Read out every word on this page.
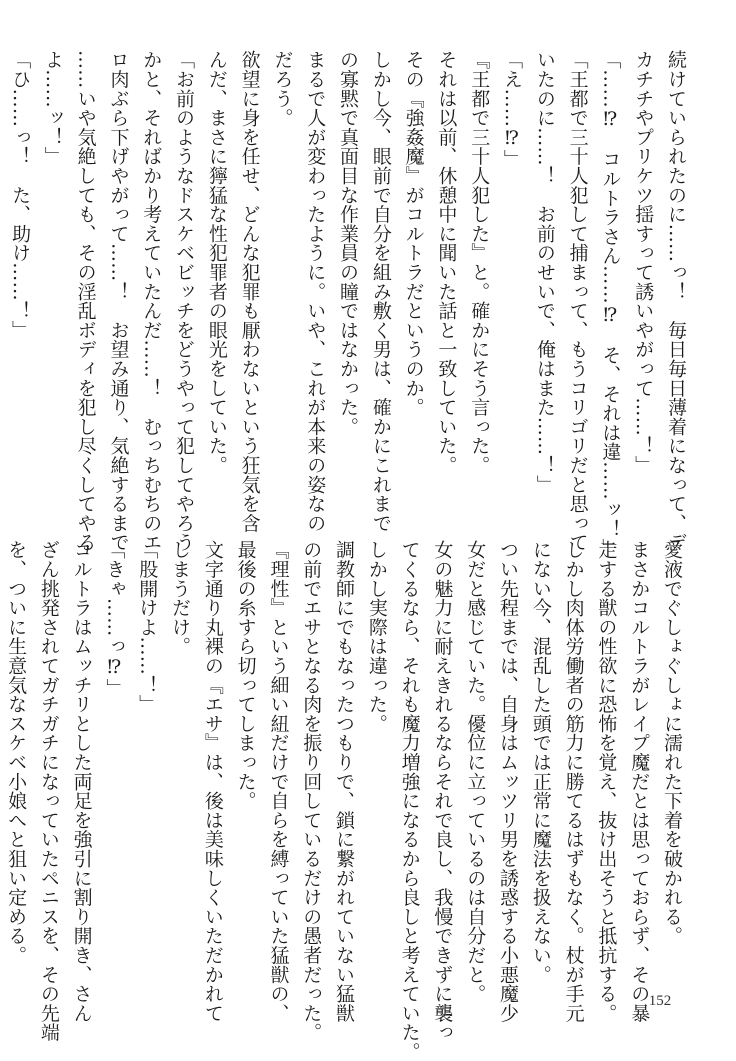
続けていられたのに……っ！　毎日毎日薄着になって、デ
カチチやプリケツ揺すって誘いやがって……！」
「……⁉　コルトラさん……⁉　そ、それは違……ッ！」
「王都で三十人犯して捕まって、もうコリゴリだと思って
いたのに……！　お前のせいで、俺はまた……！」
「え……⁉」
『王都で三十人犯した』と。確かにそう言った。
それは以前、休憩中に聞いた話と一致していた。
その『強姦魔』がコルトラだというのか。
しかし今、眼前で自分を組み敷く男は、確かにこれまで
の寡黙で真面目な作業員の瞳ではなかった。
まるで人が変わったように。いや、これが本来の姿なの
だろう。
欲望に身を任せ、どんな犯罪も厭わないという狂気を含
んだ、まさに獰猛な性犯罪者の眼光をしていた。
「お前のようなドスケベビッチをどうやって犯してやろう
かと、そればかり考えていたんだ……！　むっちむちのエ
ロ肉ぶら下げやがって……！　お望み通り、気絶するまで
……いや気絶しても、その淫乱ボディを犯し尽くしてやる
よ……ッ！」
「ひ……っ！　た、助け……！」
愛液でぐしょぐしょに濡れた下着を破かれる。
まさかコルトラがレイプ魔だとは思っておらず、その暴
走する獣の性欲に恐怖を覚え、抜け出そうと抵抗する。
しかし肉体労働者の筋力に勝てるはずもなく。杖が手元
にない今、混乱した頭では正常に魔法を扱えない。
つい先程までは、自身はムッツリ男を誘惑する小悪魔少
女だと感じていた。優位に立っているのは自分だと。
女の魅力に耐えきれるならそれで良し、我慢できずに襲っ
てくるなら、それも魔力増強になるから良しと考えていた。
しかし実際は違った。
調教師にでもなったつもりで、鎖に繋がれていない猛獣
の前でエサとなる肉を振り回しているだけの愚者だった。
『理性』という細い紐だけで自らを縛っていた猛獣の、
最後の糸すら切ってしまった。
文字通り丸裸の『エサ』は、後は美味しくいただかれて
しまうだけ。
「股開けよ……！」
「きゃ……っ⁉」
コルトラはムッチリとした両足を強引に割り開き、さん
ざん挑発されてガチガチになっていたペニスを、その先端
を、ついに生意気なスケベ小娘へと狙い定める。
152
